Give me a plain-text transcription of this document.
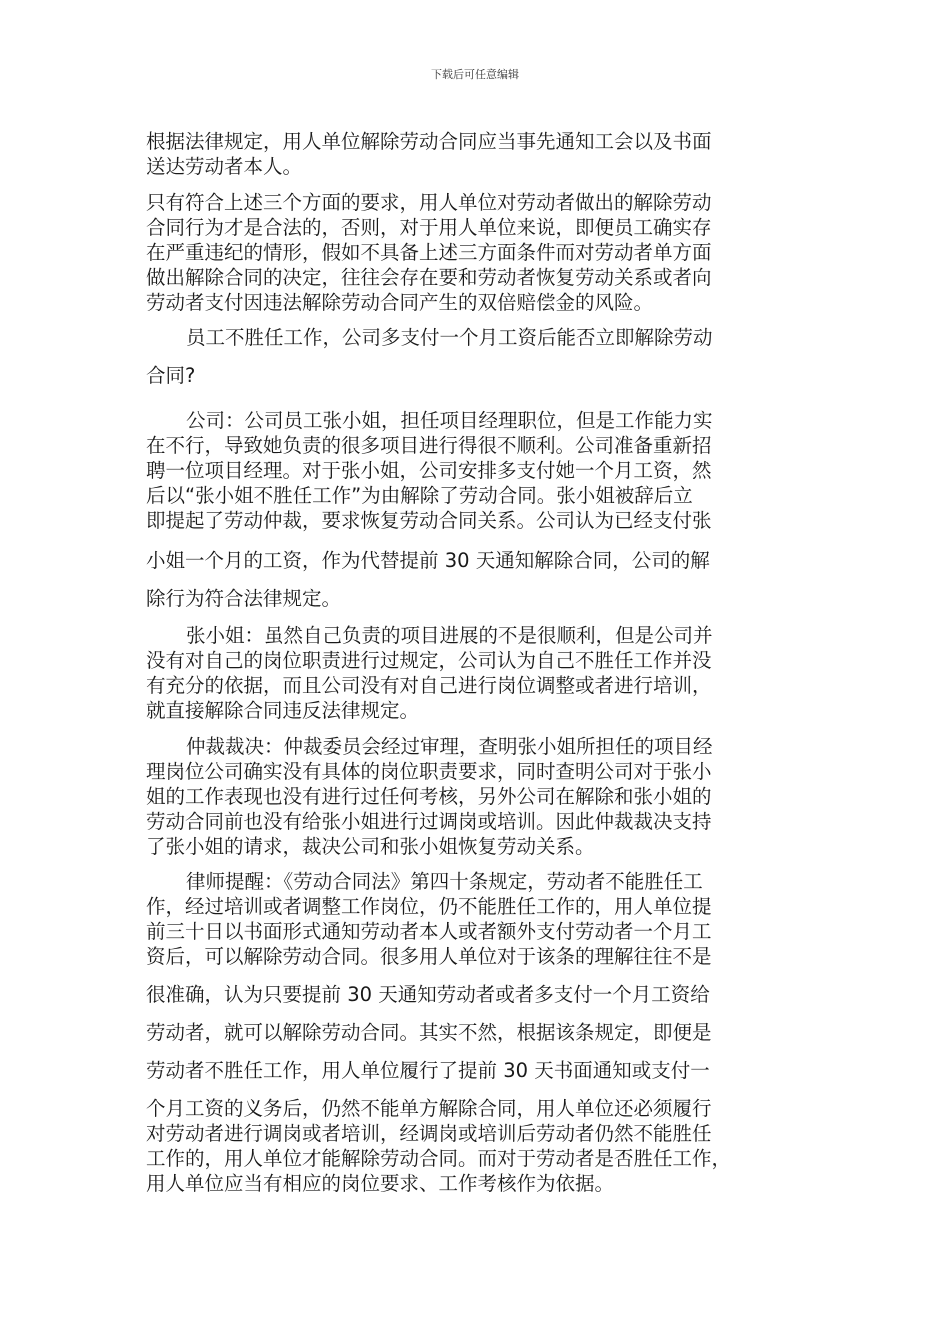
下载后可任意编辑
根据法律规定，用人单位解除劳动合同应当事先通知工会以及书面
送达劳动者本人。
只有符合上述三个方面的要求，用人单位对劳动者做出的解除劳动
合同行为才是合法的，否则，对于用人单位来说，即便员工确实存
在严重违纪的情形，假如不具备上述三方面条件而对劳动者单方面
做出解除合同的决定，往往会存在要和劳动者恢复劳动关系或者向
劳动者支付因违法解除劳动合同产生的双倍赔偿金的风险。
员工不胜任工作，公司多支付一个月工资后能否立即解除劳动
合同?
公司：公司员工张小姐，担任项目经理职位，但是工作能力实
在不行，导致她负责的很多项目进行得很不顺利。公司准备重新招
聘一位项目经理。对于张小姐，公司安排多支付她一个月工资，然
后以“张小姐不胜任工作”为由解除了劳动合同。张小姐被辞后立
即提起了劳动仲裁，要求恢复劳动合同关系。公司认为已经支付张
小姐一个月的工资，作为代替提前 30 天通知解除合同，公司的解
除行为符合法律规定。
张小姐：虽然自己负责的项目进展的不是很顺利，但是公司并
没有对自己的岗位职责进行过规定，公司认为自己不胜任工作并没
有充分的依据，而且公司没有对自己进行岗位调整或者进行培训，
就直接解除合同违反法律规定。
仲裁裁决：仲裁委员会经过审理，查明张小姐所担任的项目经
理岗位公司确实没有具体的岗位职责要求，同时查明公司对于张小
姐的工作表现也没有进行过任何考核，另外公司在解除和张小姐的
劳动合同前也没有给张小姐进行过调岗或培训。因此仲裁裁决支持
了张小姐的请求，裁决公司和张小姐恢复劳动关系。
律师提醒：《劳动合同法》第四十条规定，劳动者不能胜任工
作，经过培训或者调整工作岗位，仍不能胜任工作的，用人单位提
前三十日以书面形式通知劳动者本人或者额外支付劳动者一个月工
资后，可以解除劳动合同。很多用人单位对于该条的理解往往不是
很准确，认为只要提前 30 天通知劳动者或者多支付一个月工资给
劳动者，就可以解除劳动合同。其实不然，根据该条规定，即便是
劳动者不胜任工作，用人单位履行了提前 30 天书面通知或支付一
个月工资的义务后，仍然不能单方解除合同，用人单位还必须履行
对劳动者进行调岗或者培训，经调岗或培训后劳动者仍然不能胜任
工作的，用人单位才能解除劳动合同。而对于劳动者是否胜任工作，
用人单位应当有相应的岗位要求、工作考核作为依据。
